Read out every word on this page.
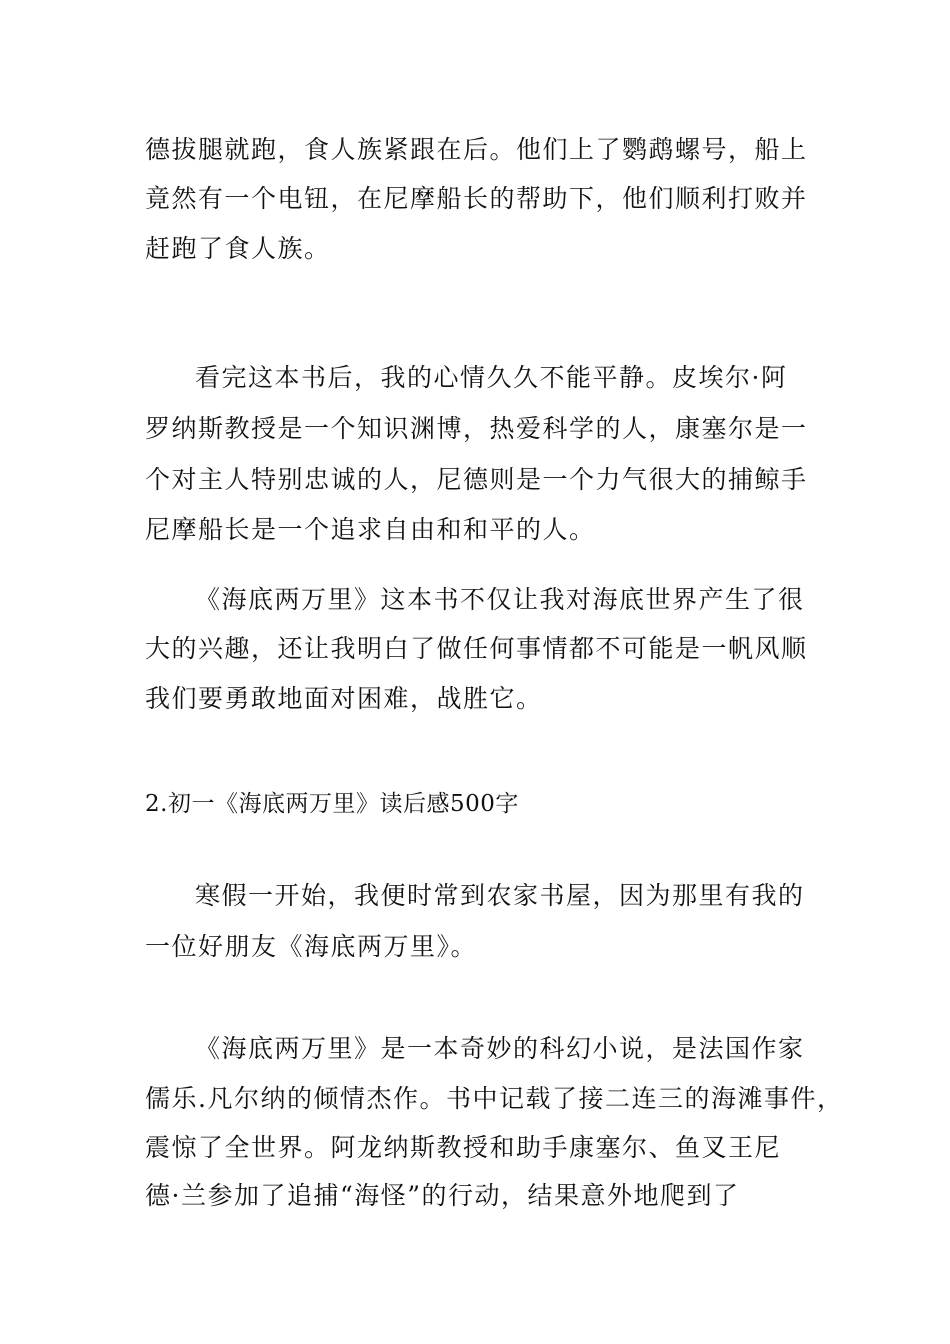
德拔腿就跑，食人族紧跟在后。他们上了鹦鹉螺号，船上
竟然有一个电钮，在尼摩船长的帮助下，他们顺利打败并
赶跑了食人族。
看完这本书后，我的心情久久不能平静。皮埃尔·阿
罗纳斯教授是一个知识渊博，热爱科学的人，康塞尔是一
个对主人特别忠诚的人，尼德则是一个力气很大的捕鲸手
尼摩船长是一个追求自由和和平的人。
《海底两万里》这本书不仅让我对海底世界产生了很
大的兴趣，还让我明白了做任何事情都不可能是一帆风顺
我们要勇敢地面对困难，战胜它。
2.初一《海底两万里》读后感500字
寒假一开始，我便时常到农家书屋，因为那里有我的
一位好朋友《海底两万里》。
《海底两万里》是一本奇妙的科幻小说，是法国作家
儒乐.凡尔纳的倾情杰作。书中记载了接二连三的海滩事件，
震惊了全世界。阿龙纳斯教授和助手康塞尔、鱼叉王尼
德·兰参加了追捕“海怪”的行动，结果意外地爬到了
